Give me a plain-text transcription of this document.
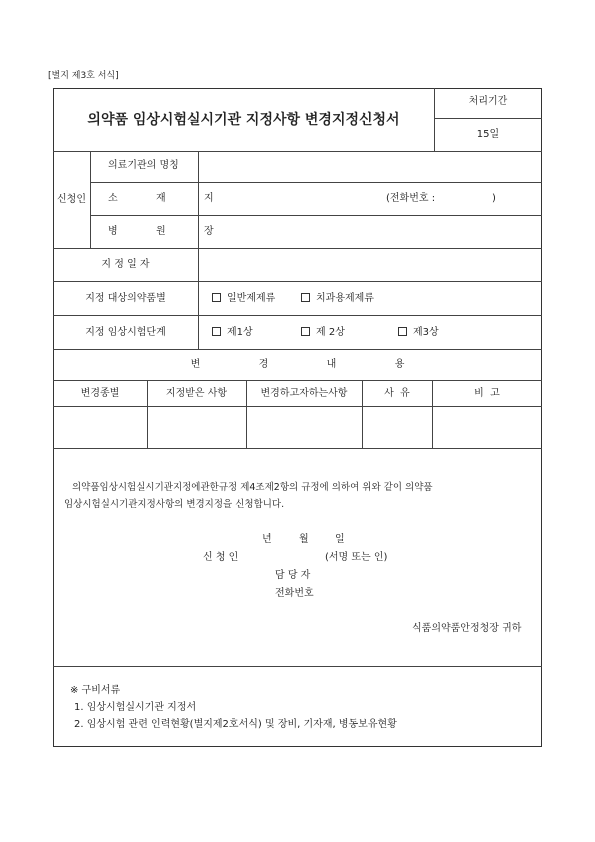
[별지 제3호 서식]
의약품 임상시험실시기관 지정사항 변경지정신청서
처리기간
15일
신청인
의료기관의 명칭
소  재  지	(전화번호 :	)
병  원  장
지 정 일 자
지정 대상의약품별	일반제제류	치과용제제류
지정 임상시험단계	제1상	제 2상	제3상
변  경  내  용
변경종별	지정받은 사항	변경하고자하는사항	사  유	비  고
의약품임상시험실시기관지정에관한규정 제4조제2항의 규정에 의하여 위와 같이 의약품
임상시험실시기관지정사항의 변경지정을 신청합니다.
년	월	일
신 청 인	(서명 또는 인)
담 당 자
전화번호
식품의약품안정청장 귀하
※ 구비서류
1. 임상시험실시기관 지정서
2. 임상시험 관련 인력현황(별지제2호서식) 및 장비, 기자재, 병동보유현황
